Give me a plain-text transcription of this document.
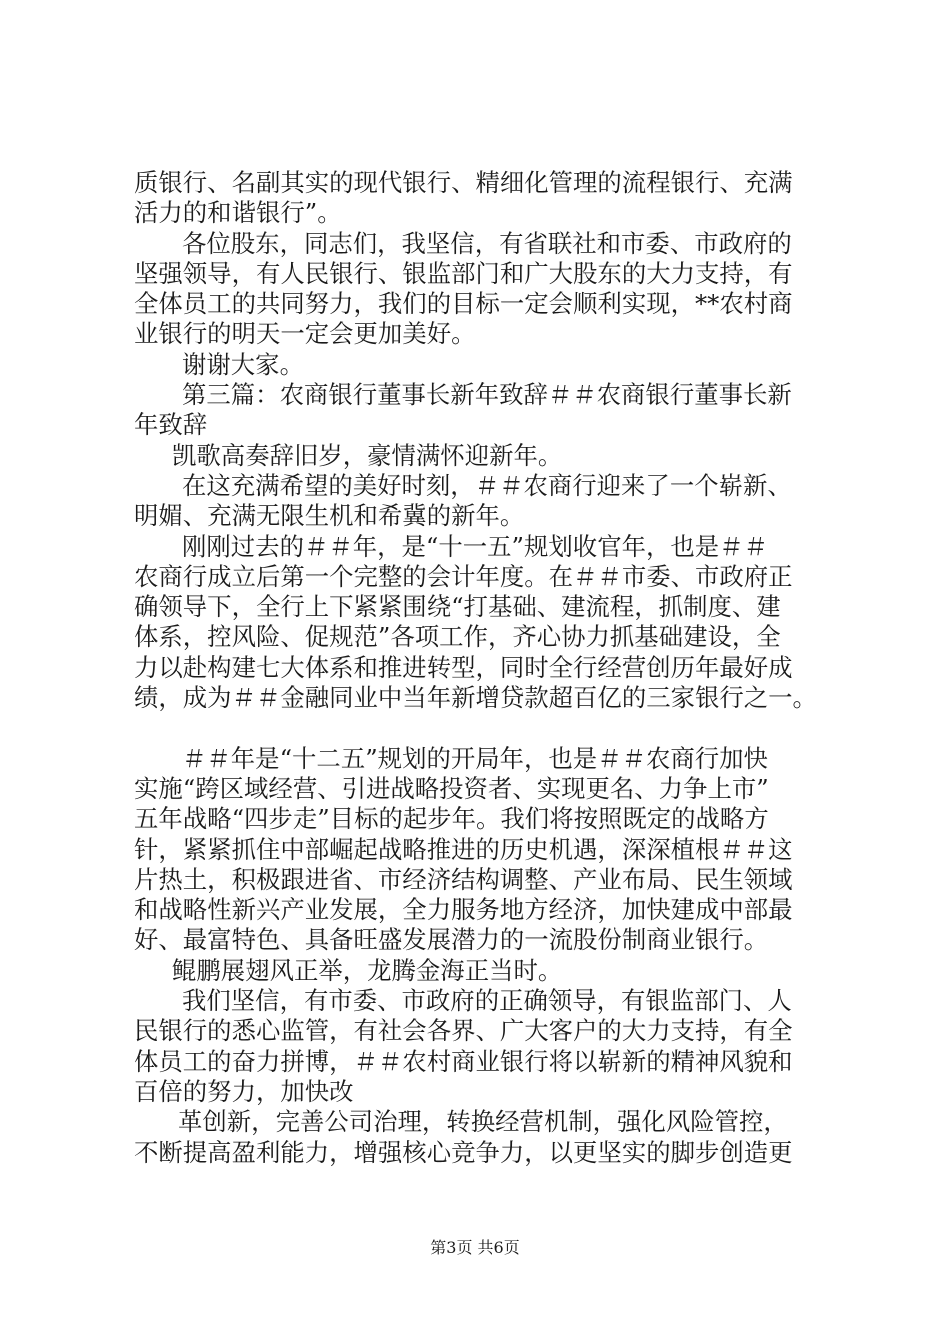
质银行、名副其实的现代银行、精细化管理的流程银行、充满
活力的和谐银行”。
各位股东，同志们，我坚信，有省联社和市委、市政府的
坚强领导，有人民银行、银监部门和广大股东的大力支持，有
全体员工的共同努力，我们的目标一定会顺利实现，**农村商
业银行的明天一定会更加美好。
谢谢大家。
第三篇：农商银行董事长新年致辞＃＃农商银行董事长新
年致辞
凯歌高奏辞旧岁，豪情满怀迎新年。
在这充满希望的美好时刻，＃＃农商行迎来了一个崭新、
明媚、充满无限生机和希冀的新年。
刚刚过去的＃＃年，是“十一五”规划收官年，也是＃＃
农商行成立后第一个完整的会计年度。在＃＃市委、市政府正
确领导下，全行上下紧紧围绕“打基础、建流程，抓制度、建
体系，控风险、促规范”各项工作，齐心协力抓基础建设，全
力以赴构建七大体系和推进转型，同时全行经营创历年最好成
绩，成为＃＃金融同业中当年新增贷款超百亿的三家银行之一。
＃＃年是“十二五”规划的开局年，也是＃＃农商行加快
实施“跨区域经营、引进战略投资者、实现更名、力争上市”
五年战略“四步走”目标的起步年。我们将按照既定的战略方
针，紧紧抓住中部崛起战略推进的历史机遇，深深植根＃＃这
片热土，积极跟进省、市经济结构调整、产业布局、民生领域
和战略性新兴产业发展，全力服务地方经济，加快建成中部最
好、最富特色、具备旺盛发展潜力的一流股份制商业银行。
鲲鹏展翅风正举，龙腾金海正当时。
我们坚信，有市委、市政府的正确领导，有银监部门、人
民银行的悉心监管，有社会各界、广大客户的大力支持，有全
体员工的奋力拼博，＃＃农村商业银行将以崭新的精神风貌和
百倍的努力，加快改
革创新，完善公司治理，转换经营机制，强化风险管控，
不断提高盈利能力，增强核心竞争力，以更坚实的脚步创造更
第3页 共6页
